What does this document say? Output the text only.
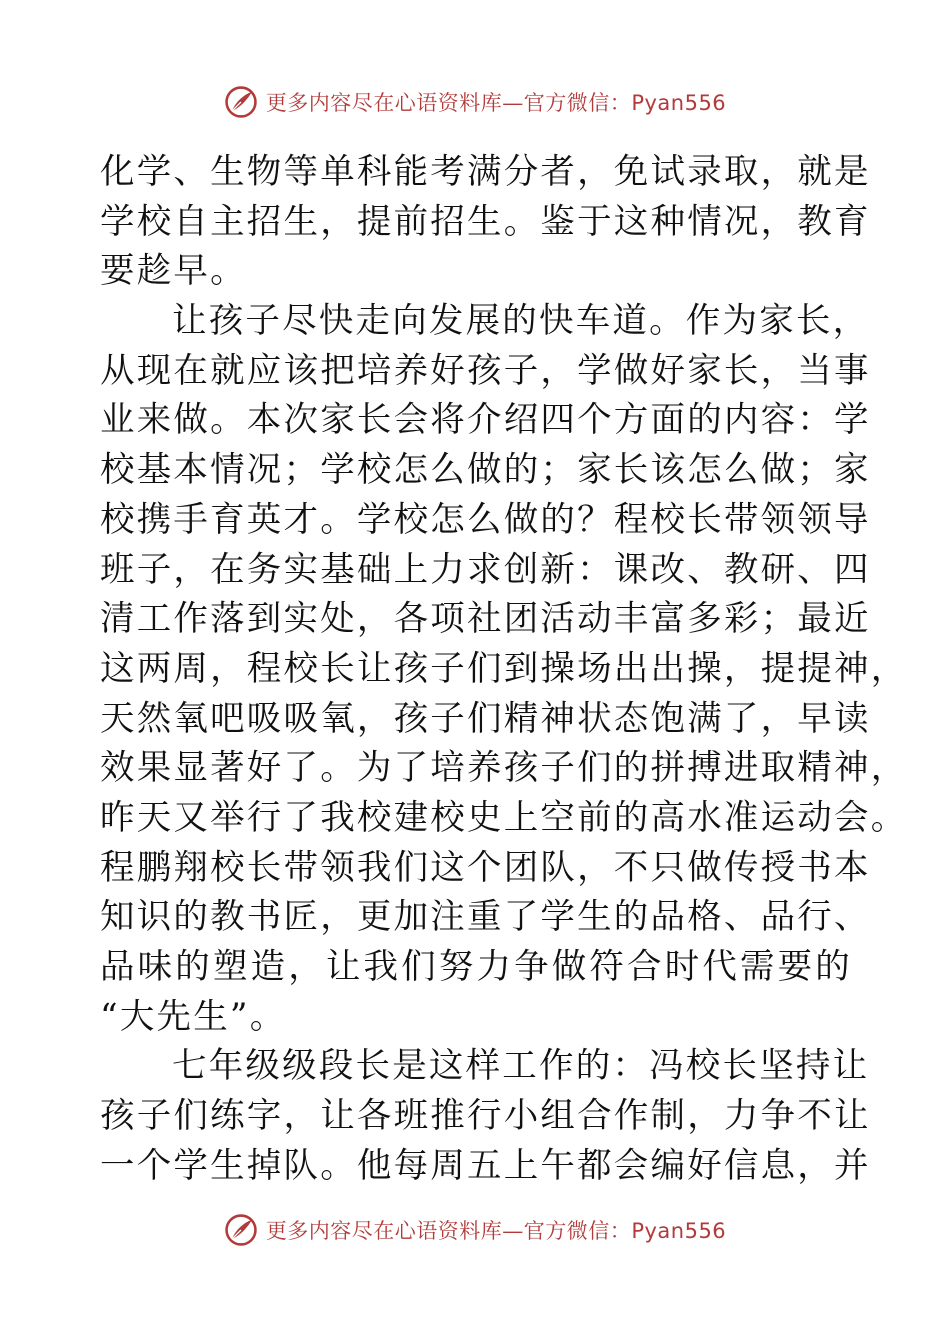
更多内容尽在心语资料库—官方微信：Pyan556
化学、生物等单科能考满分者，免试录取，就是
学校自主招生，提前招生。鉴于这种情况，教育
要趁早。
让孩子尽快走向发展的快车道。作为家长，
从现在就应该把培养好孩子，学做好家长，当事
业来做。本次家长会将介绍四个方面的内容：学
校基本情况；学校怎么做的；家长该怎么做；家
校携手育英才。学校怎么做的？程校长带领领导
班子，在务实基础上力求创新：课改、教研、四
清工作落到实处，各项社团活动丰富多彩；最近
这两周，程校长让孩子们到操场出出操，提提神，
天然氧吧吸吸氧，孩子们精神状态饱满了，早读
效果显著好了。为了培养孩子们的拼搏进取精神，
昨天又举行了我校建校史上空前的高水准运动会。
程鹏翔校长带领我们这个团队，不只做传授书本
知识的教书匠，更加注重了学生的品格、品行、
品味的塑造，让我们努力争做符合时代需要的
“大先生”。
七年级级段长是这样工作的：冯校长坚持让
孩子们练字，让各班推行小组合作制，力争不让
一个学生掉队。他每周五上午都会编好信息，并
更多内容尽在心语资料库—官方微信：Pyan556
